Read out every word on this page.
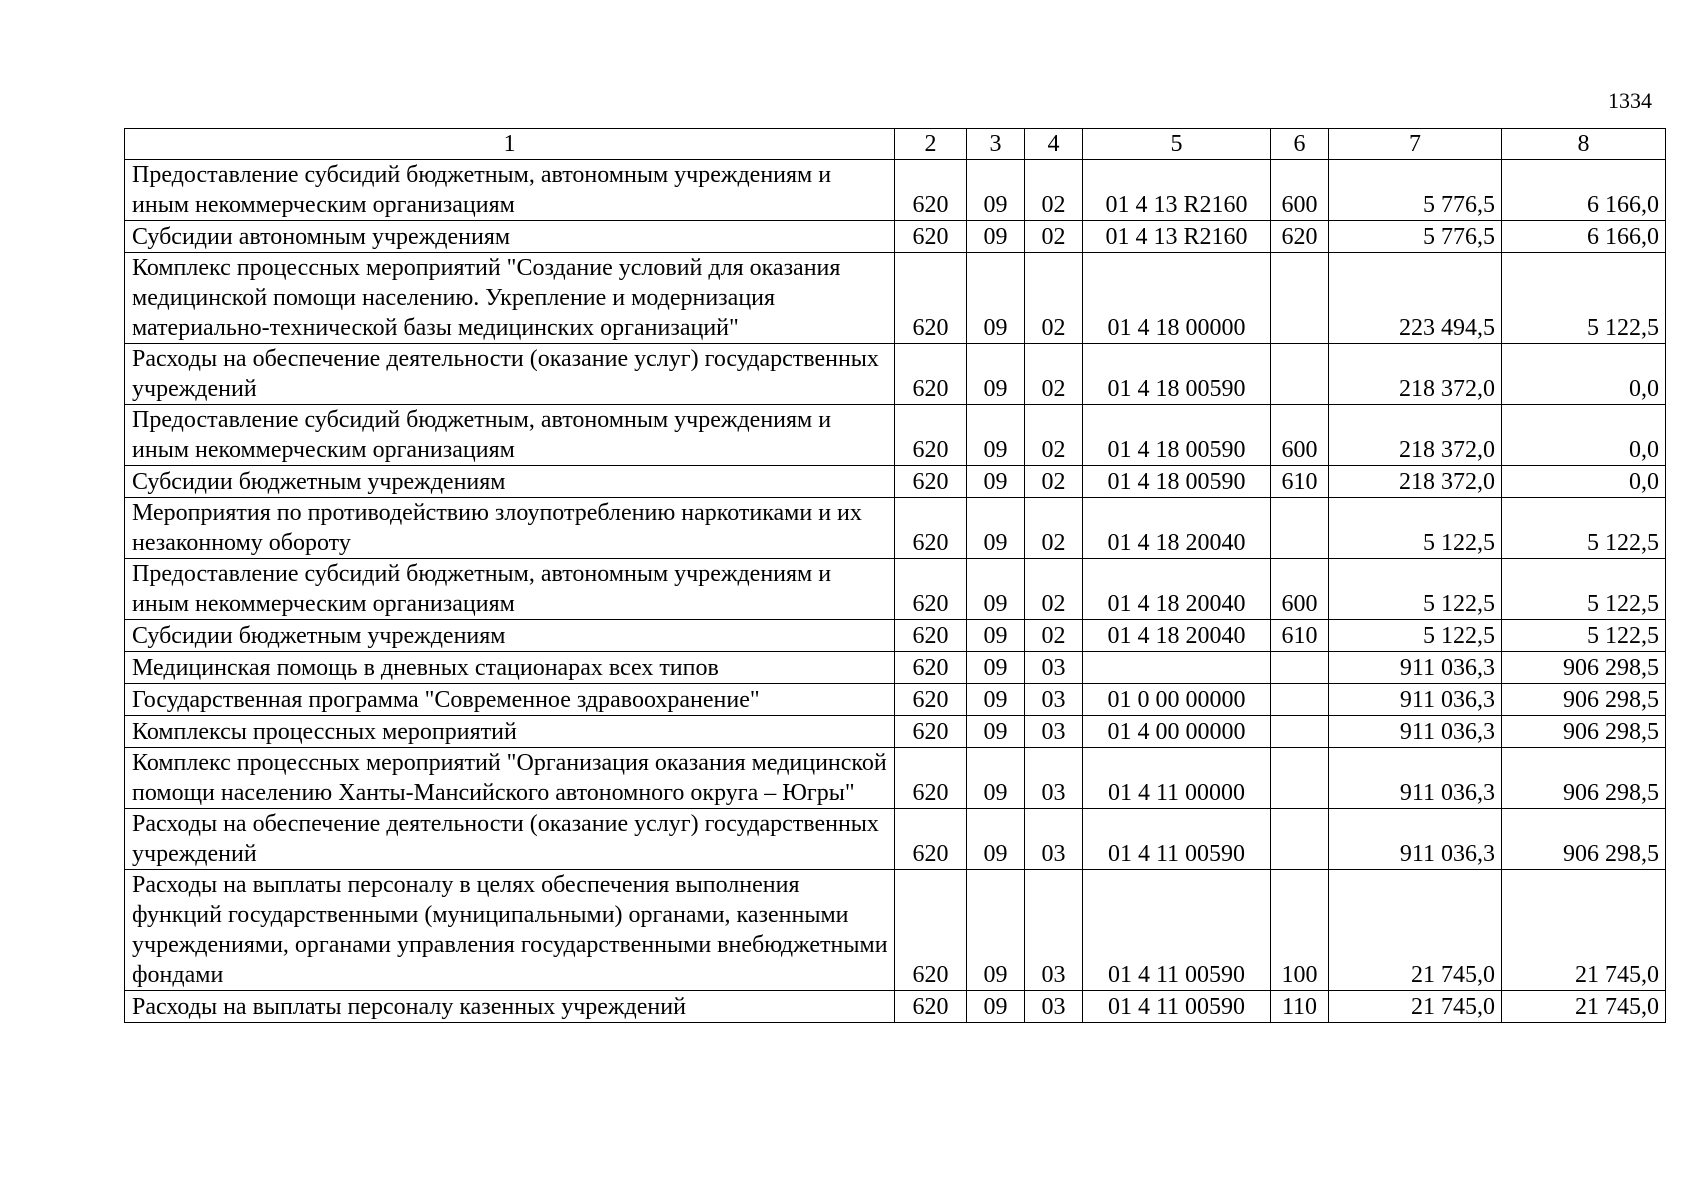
1334
1	2	3	4	5	6	7	8
Предоставление субсидий бюджетным, автономным учреждениям и иным некоммерческим организациям	620	09	02	01 4 13 R2160	600	5 776,5	6 166,0
Субсидии автономным учреждениям	620	09	02	01 4 13 R2160	620	5 776,5	6 166,0
Комплекс процессных мероприятий "Создание условий для оказания медицинской помощи населению. Укрепление и модернизация материально-технической базы медицинских организаций"	620	09	02	01 4 18 00000		223 494,5	5 122,5
Расходы на обеспечение деятельности (оказание услуг) государственных учреждений	620	09	02	01 4 18 00590		218 372,0	0,0
Предоставление субсидий бюджетным, автономным учреждениям и иным некоммерческим организациям	620	09	02	01 4 18 00590	600	218 372,0	0,0
Субсидии бюджетным учреждениям	620	09	02	01 4 18 00590	610	218 372,0	0,0
Мероприятия по противодействию злоупотреблению наркотиками и их незаконному обороту	620	09	02	01 4 18 20040		5 122,5	5 122,5
Предоставление субсидий бюджетным, автономным учреждениям и иным некоммерческим организациям	620	09	02	01 4 18 20040	600	5 122,5	5 122,5
Субсидии бюджетным учреждениям	620	09	02	01 4 18 20040	610	5 122,5	5 122,5
Медицинская помощь в дневных стационарах всех типов	620	09	03			911 036,3	906 298,5
Государственная программа "Современное здравоохранение"	620	09	03	01 0 00 00000		911 036,3	906 298,5
Комплексы процессных мероприятий	620	09	03	01 4 00 00000		911 036,3	906 298,5
Комплекс процессных мероприятий "Организация оказания медицинской помощи населению Ханты-Мансийского автономного округа – Югры"	620	09	03	01 4 11 00000		911 036,3	906 298,5
Расходы на обеспечение деятельности (оказание услуг) государственных учреждений	620	09	03	01 4 11 00590		911 036,3	906 298,5
Расходы на выплаты персоналу в целях обеспечения выполнения функций государственными (муниципальными) органами, казенными учреждениями, органами управления государственными внебюджетными фондами	620	09	03	01 4 11 00590	100	21 745,0	21 745,0
Расходы на выплаты персоналу казенных учреждений	620	09	03	01 4 11 00590	110	21 745,0	21 745,0
